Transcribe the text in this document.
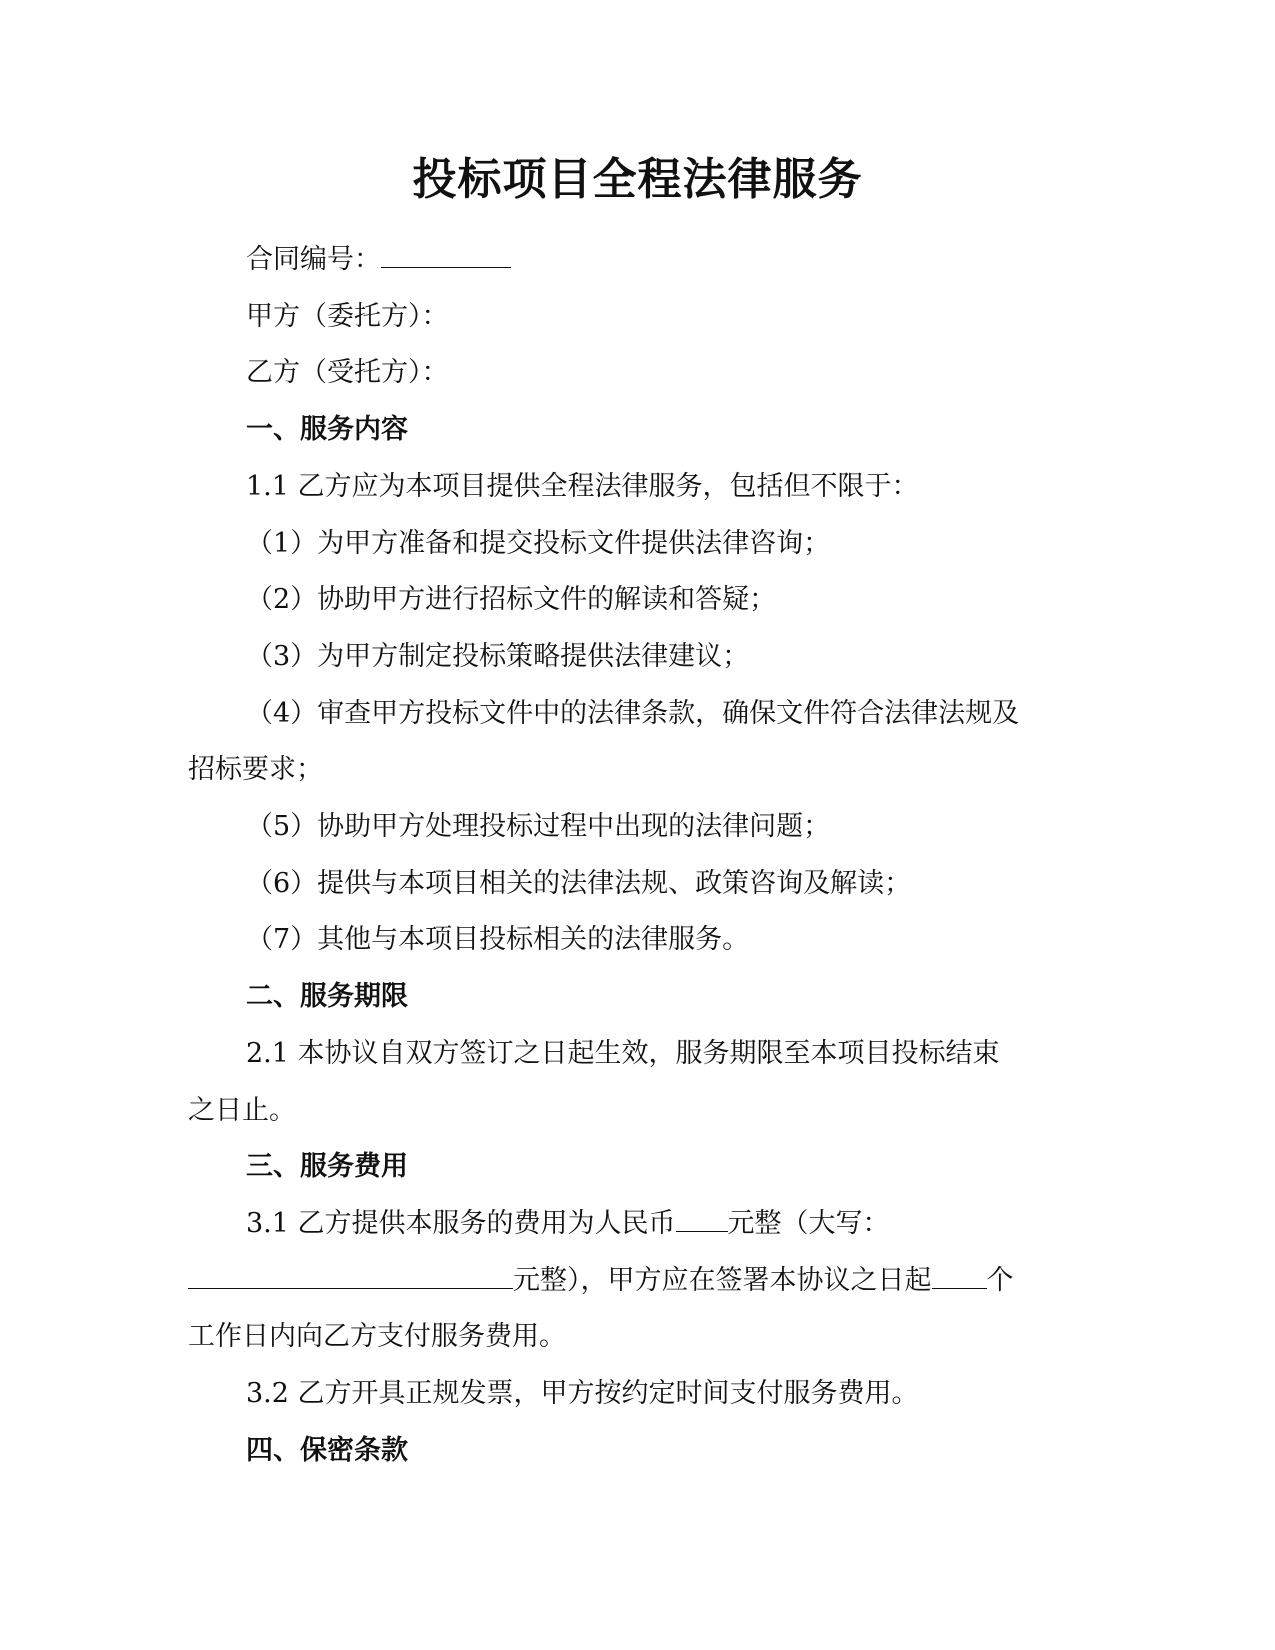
投标项目全程法律服务

合同编号：

甲方（委托方）：

乙方（受托方）：

一、服务内容

1.1 乙方应为本项目提供全程法律服务，包括但不限于：

（1）为甲方准备和提交投标文件提供法律咨询；

（2）协助甲方进行招标文件的解读和答疑；

（3）为甲方制定投标策略提供法律建议；

（4）审查甲方投标文件中的法律条款，确保文件符合法律法规及

招标要求；

（5）协助甲方处理投标过程中出现的法律问题；

（6）提供与本项目相关的法律法规、政策咨询及解读；

（7）其他与本项目投标相关的法律服务。

二、服务期限

2.1 本协议自双方签订之日起生效，服务期限至本项目投标结束

之日止。

三、服务费用

3.1 乙方提供本服务的费用为人民币 元整（大写：

元整），甲方应在签署本协议之日起 个

工作日内向乙方支付服务费用。

3.2 乙方开具正规发票，甲方按约定时间支付服务费用。

四、保密条款
